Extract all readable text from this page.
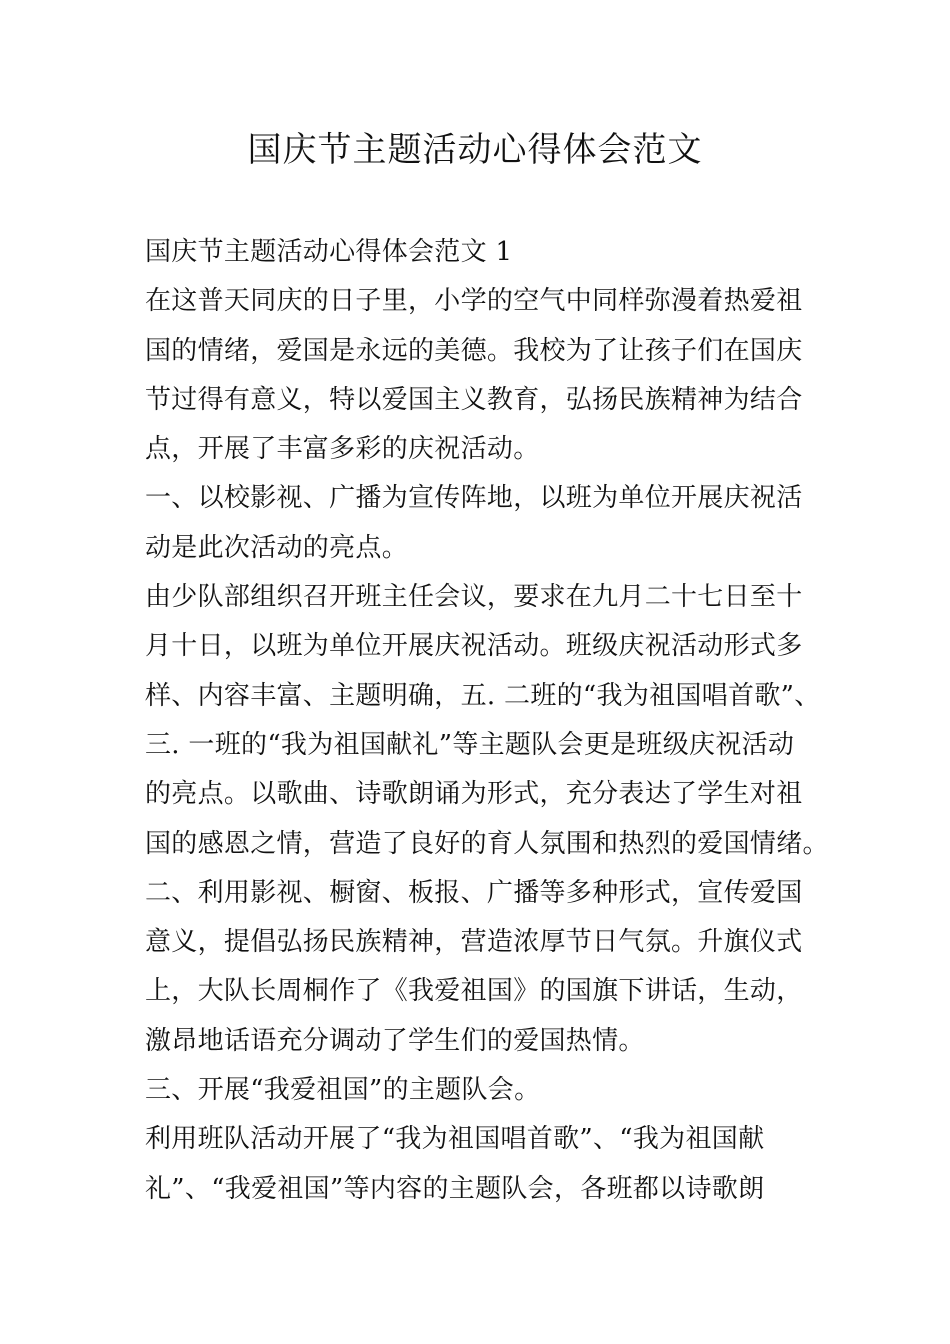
国庆节主题活动心得体会范文
国庆节主题活动心得体会范文 1
在这普天同庆的日子里，小学的空气中同样弥漫着热爱祖
国的情绪，爱国是永远的美德。我校为了让孩子们在国庆
节过得有意义，特以爱国主义教育，弘扬民族精神为结合
点，开展了丰富多彩的庆祝活动。
一、以校影视、广播为宣传阵地，以班为单位开展庆祝活
动是此次活动的亮点。
由少队部组织召开班主任会议，要求在九月二十七日至十
月十日，以班为单位开展庆祝活动。班级庆祝活动形式多
样、内容丰富、主题明确，五. 二班的“我为祖国唱首歌”、
三. 一班的“我为祖国献礼”等主题队会更是班级庆祝活动
的亮点。以歌曲、诗歌朗诵为形式，充分表达了学生对祖
国的感恩之情，营造了良好的育人氛围和热烈的爱国情绪。
二、利用影视、橱窗、板报、广播等多种形式，宣传爱国
意义，提倡弘扬民族精神，营造浓厚节日气氛。升旗仪式
上，大队长周桐作了《我爱祖国》的国旗下讲话，生动，
激昂地话语充分调动了学生们的爱国热情。
三、开展“我爱祖国”的主题队会。
利用班队活动开展了“我为祖国唱首歌”、“我为祖国献
礼”、“我爱祖国”等内容的主题队会，各班都以诗歌朗
